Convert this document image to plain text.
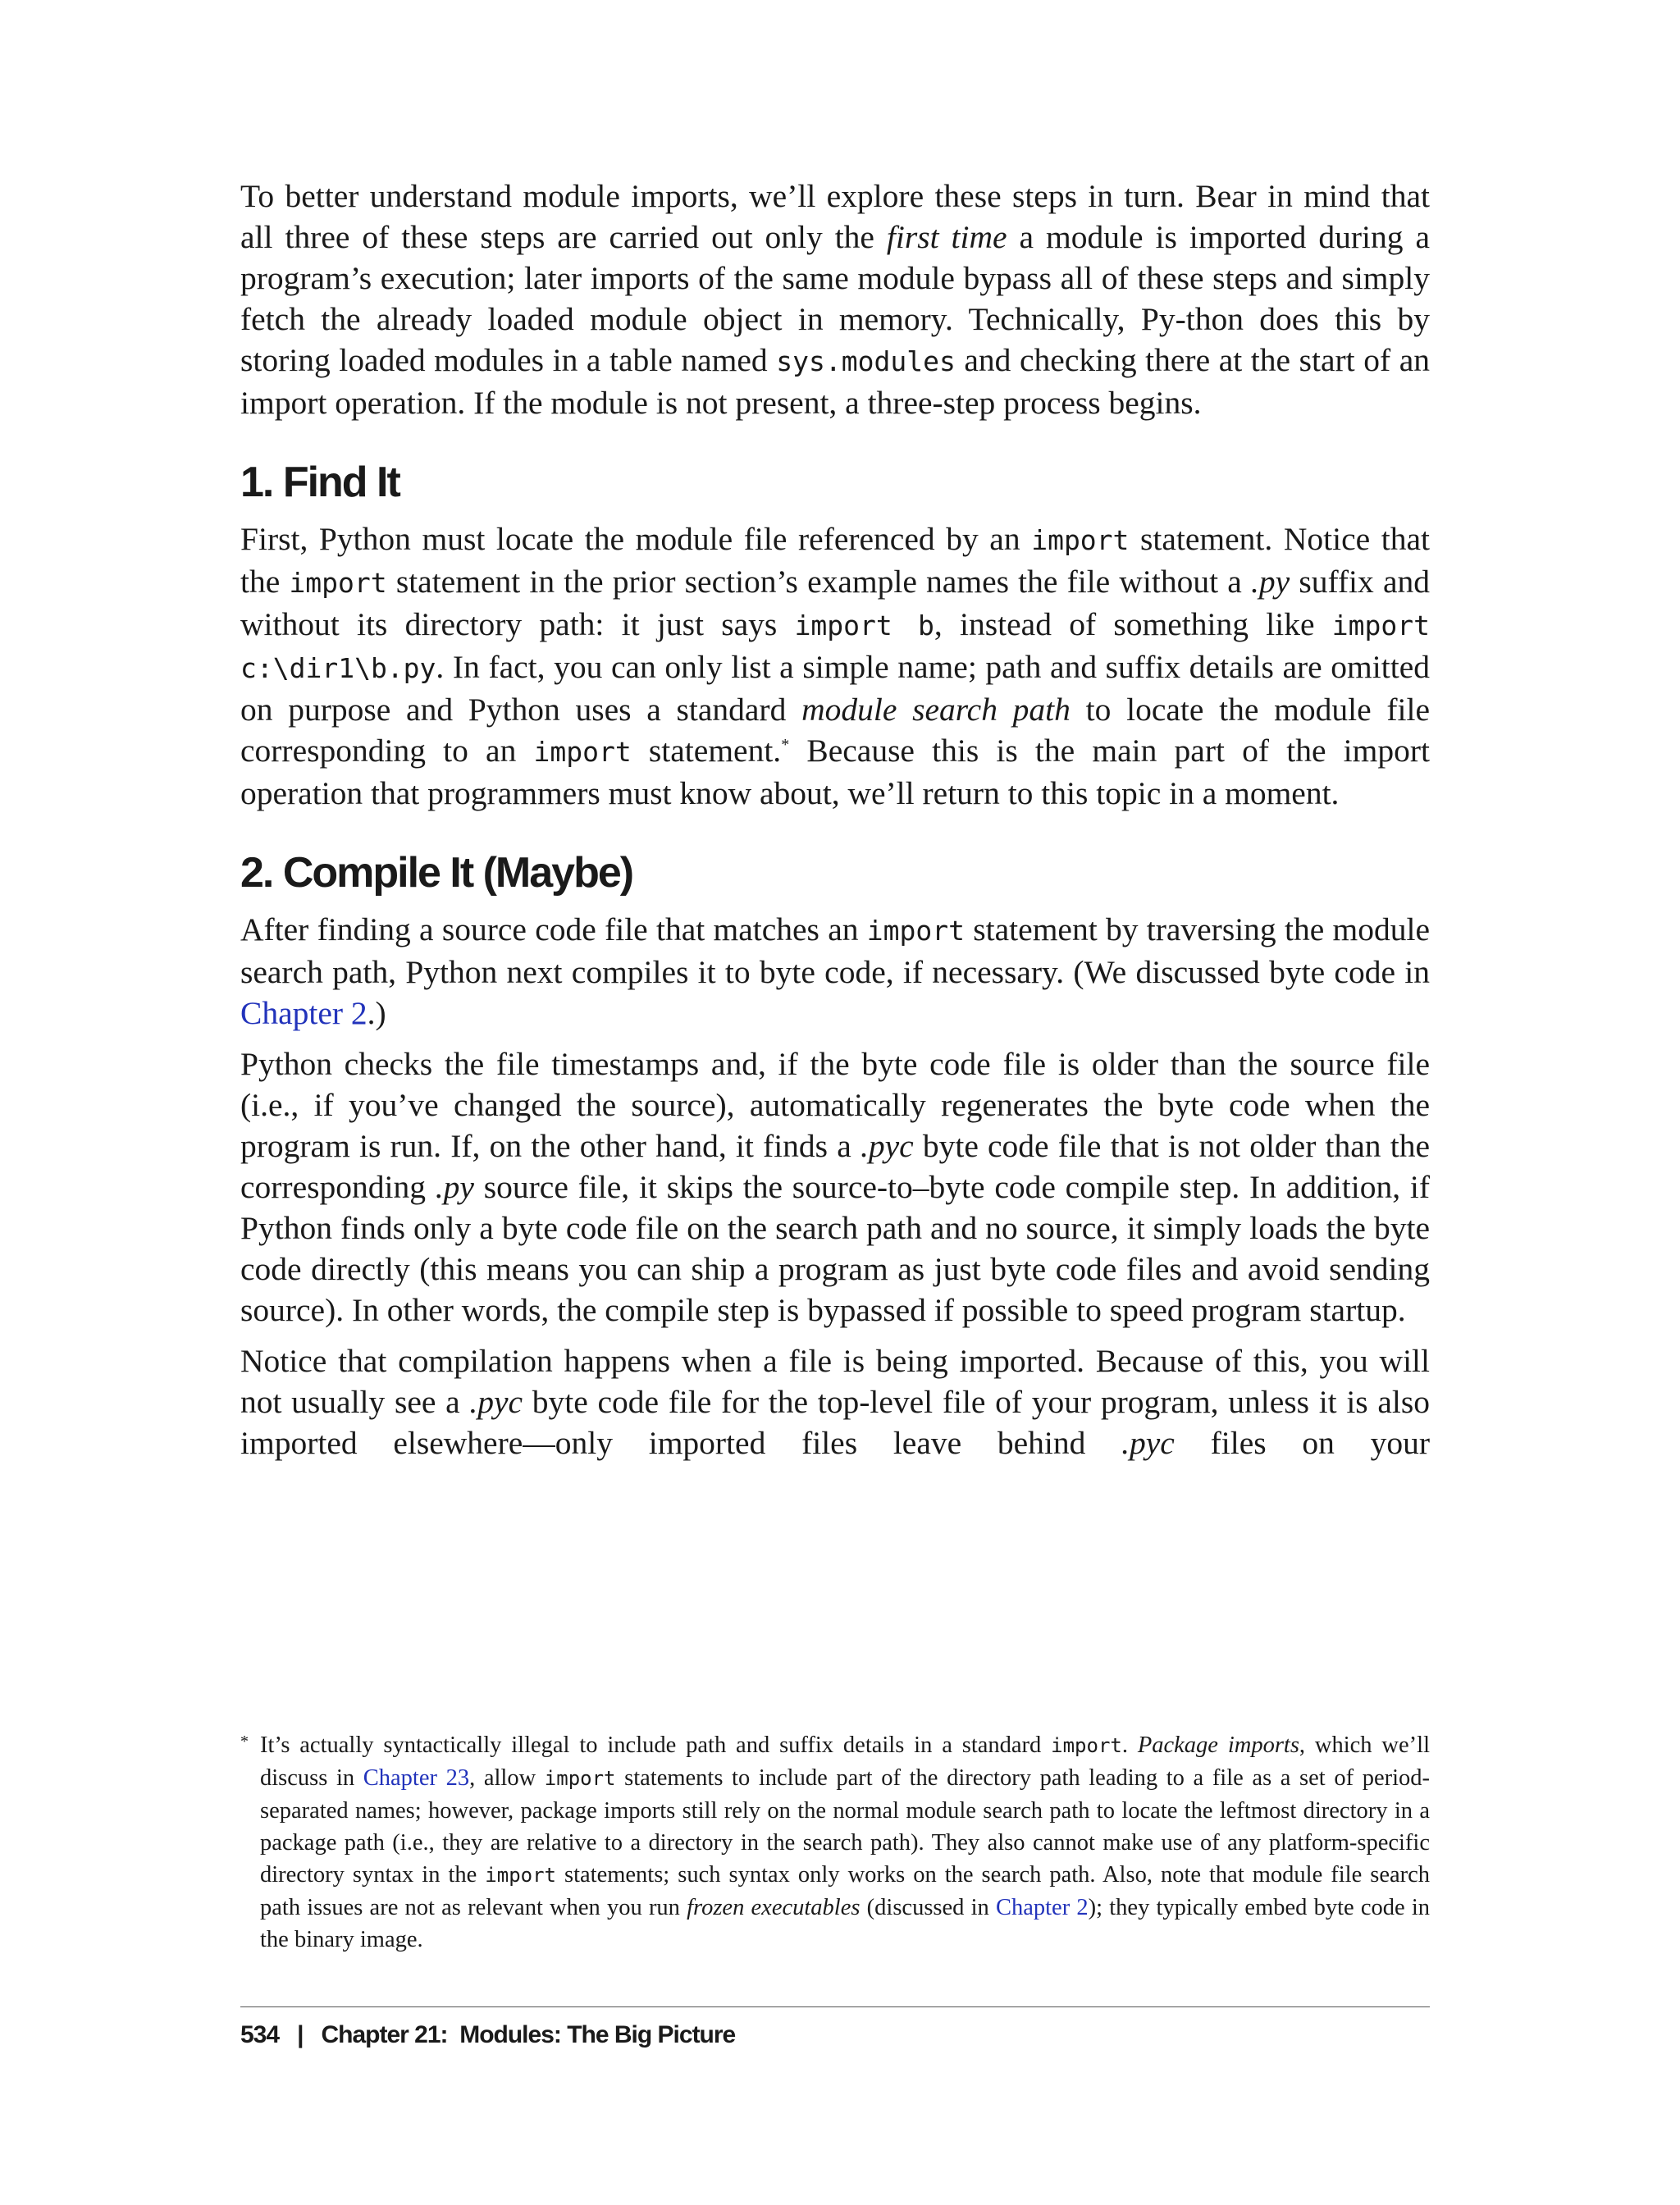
To better understand module imports, we’ll explore these steps in turn. Bear in mind that all three of these steps are carried out only the first time a module is imported during a program’s execution; later imports of the same module bypass all of these steps and simply fetch the already loaded module object in memory. Technically, Py-thon does this by storing loaded modules in a table named sys.modules and checking there at the start of an import operation. If the module is not present, a three-step process begins.

1. Find It

First, Python must locate the module file referenced by an import statement. Notice that the import statement in the prior section’s example names the file without a .py suffix and without its directory path: it just says import b, instead of something like import c:\dir1\b.py. In fact, you can only list a simple name; path and suffix details are omitted on purpose and Python uses a standard module search path to locate the module file corresponding to an import statement.* Because this is the main part of the import operation that programmers must know about, we’ll return to this topic in a moment.

2. Compile It (Maybe)

After finding a source code file that matches an import statement by traversing the module search path, Python next compiles it to byte code, if necessary. (We discussed byte code in Chapter 2.)

Python checks the file timestamps and, if the byte code file is older than the source file (i.e., if you’ve changed the source), automatically regenerates the byte code when the program is run. If, on the other hand, it finds a .pyc byte code file that is not older than the corresponding .py source file, it skips the source-to–byte code compile step. In addition, if Python finds only a byte code file on the search path and no source, it simply loads the byte code directly (this means you can ship a program as just byte code files and avoid sending source). In other words, the compile step is bypassed if possible to speed program startup.

Notice that compilation happens when a file is being imported. Because of this, you will not usually see a .pyc byte code file for the top-level file of your program, unless it is also imported elsewhere—only imported files leave behind .pyc files on your

* It’s actually syntactically illegal to include path and suffix details in a standard import. Package imports, which we’ll discuss in Chapter 23, allow import statements to include part of the directory path leading to a file as a set of period-separated names; however, package imports still rely on the normal module search path to locate the leftmost directory in a package path (i.e., they are relative to a directory in the search path). They also cannot make use of any platform-specific directory syntax in the import statements; such syntax only works on the search path. Also, note that module file search path issues are not as relevant when you run frozen executables (discussed in Chapter 2); they typically embed byte code in the binary image.
534 | Chapter 21:  Modules: The Big Picture
